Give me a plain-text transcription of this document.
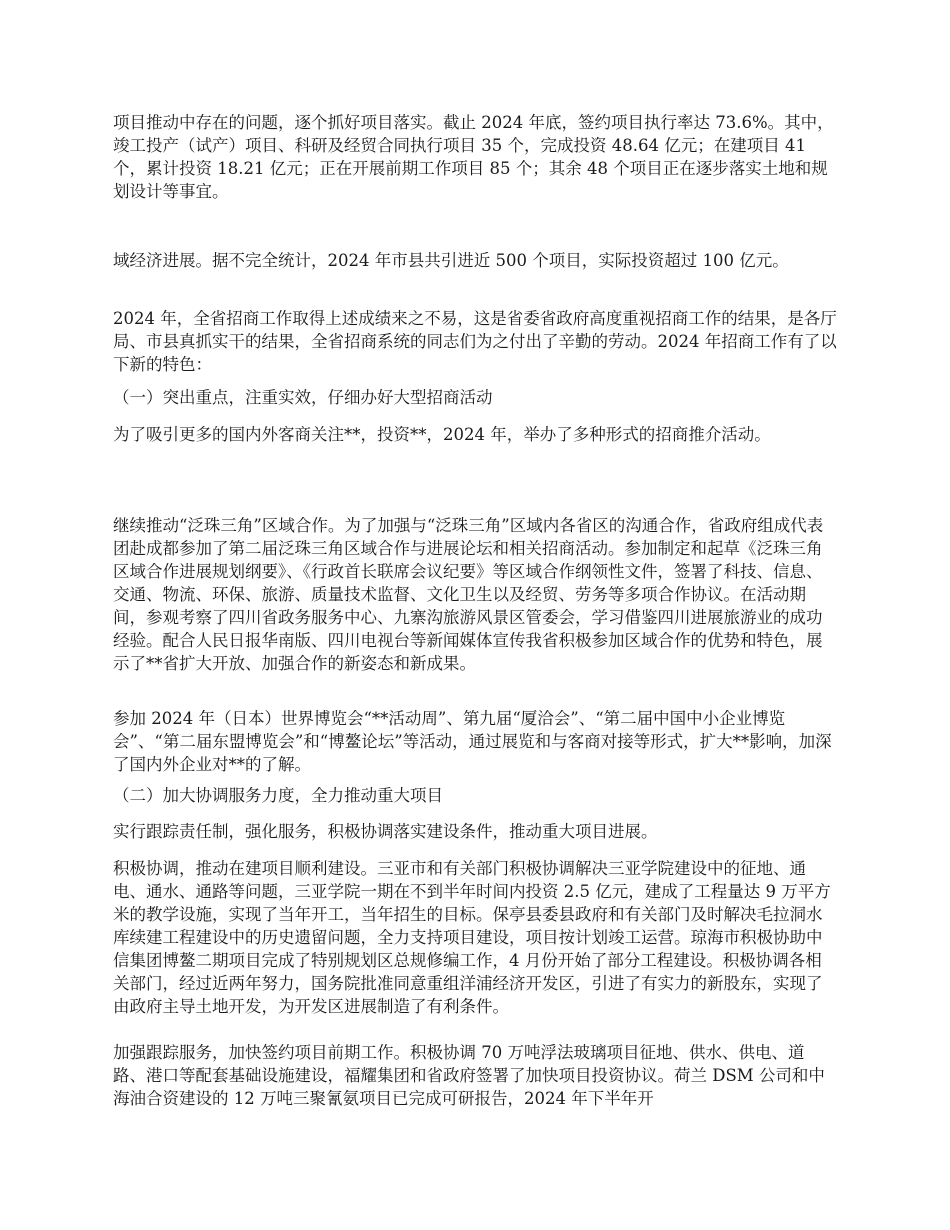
项目推动中存在的问题，逐个抓好项目落实。截止 2024 年底，签约项目执行率达 73.6%。其中，竣工投产（试产）项目、科研及经贸合同执行项目 35 个，完成投资 48.64 亿元；在建项目 41 个，累计投资 18.21 亿元；正在开展前期工作项目 85 个；其余 48 个项目正在逐步落实土地和规划设计等事宜。

域经济进展。据不完全统计，2024 年市县共引进近 500 个项目，实际投资超过 100 亿元。

2024 年，全省招商工作取得上述成绩来之不易，这是省委省政府高度重视招商工作的结果，是各厅局、市县真抓实干的结果，全省招商系统的同志们为之付出了辛勤的劳动。2024 年招商工作有了以下新的特色：

（一）突出重点，注重实效，仔细办好大型招商活动

为了吸引更多的国内外客商关注**，投资**，2024 年，举办了多种形式的招商推介活动。

继续推动“泛珠三角”区域合作。为了加强与“泛珠三角”区域内各省区的沟通合作，省政府组成代表团赴成都参加了第二届泛珠三角区域合作与进展论坛和相关招商活动。参加制定和起草《泛珠三角区域合作进展规划纲要》、《行政首长联席会议纪要》等区域合作纲领性文件，签署了科技、信息、交通、物流、环保、旅游、质量技术监督、文化卫生以及经贸、劳务等多项合作协议。在活动期间，参观考察了四川省政务服务中心、九寨沟旅游风景区管委会，学习借鉴四川进展旅游业的成功经验。配合人民日报华南版、四川电视台等新闻媒体宣传我省积极参加区域合作的优势和特色，展示了**省扩大开放、加强合作的新姿态和新成果。

参加 2024 年（日本）世界博览会“**活动周”、第九届“厦洽会”、“第二届中国中小企业博览会”、“第二届东盟博览会”和“博鳌论坛”等活动，通过展览和与客商对接等形式，扩大**影响，加深了国内外企业对**的了解。

（二）加大协调服务力度，全力推动重大项目

实行跟踪责任制，强化服务，积极协调落实建设条件，推动重大项目进展。

积极协调，推动在建项目顺利建设。三亚市和有关部门积极协调解决三亚学院建设中的征地、通电、通水、通路等问题，三亚学院一期在不到半年时间内投资 2.5 亿元，建成了工程量达 9 万平方米的教学设施，实现了当年开工，当年招生的目标。保亭县委县政府和有关部门及时解决毛拉洞水库续建工程建设中的历史遗留问题，全力支持项目建设，项目按计划竣工运营。琼海市积极协助中信集团博鳌二期项目完成了特别规划区总规修编工作，4 月份开始了部分工程建设。积极协调各相关部门，经过近两年努力，国务院批准同意重组洋浦经济开发区，引进了有实力的新股东，实现了由政府主导土地开发，为开发区进展制造了有利条件。

加强跟踪服务，加快签约项目前期工作。积极协调 70 万吨浮法玻璃项目征地、供水、供电、道路、港口等配套基础设施建设，福耀集团和省政府签署了加快项目投资协议。荷兰 DSM 公司和中海油合资建设的 12 万吨三聚氰氨项目已完成可研报告，2024 年下半年开
